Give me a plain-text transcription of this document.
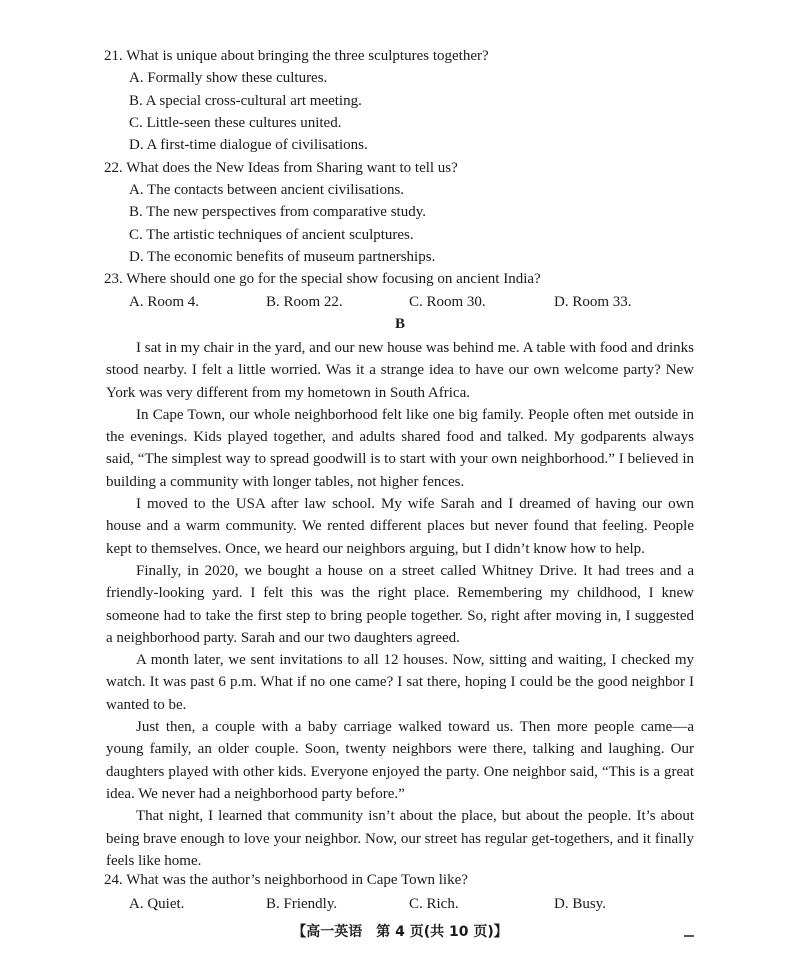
21. What is unique about bringing the three sculptures together?
A. Formally show these cultures.
B. A special cross-cultural art meeting.
C. Little-seen these cultures united.
D. A first-time dialogue of civilisations.
22. What does the New Ideas from Sharing want to tell us?
A. The contacts between ancient civilisations.
B. The new perspectives from comparative study.
C. The artistic techniques of ancient sculptures.
D. The economic benefits of museum partnerships.
23. Where should one go for the special show focusing on ancient India?
A. Room 4.	B. Room 22.	C. Room 30.	D. Room 33.
B

I sat in my chair in the yard, and our new house was behind me. A table with food and drinks stood nearby. I felt a little worried. Was it a strange idea to have our own welcome party? New York was very different from my hometown in South Africa.

In Cape Town, our whole neighborhood felt like one big family. People often met outside in the evenings. Kids played together, and adults shared food and talked. My godparents always said, “The simplest way to spread goodwill is to start with your own neighborhood.” I believed in building a community with longer tables, not higher fences.

I moved to the USA after law school. My wife Sarah and I dreamed of having our own house and a warm community. We rented different places but never found that feeling. People kept to themselves. Once, we heard our neighbors arguing, but I didn’t know how to help.

Finally, in 2020, we bought a house on a street called Whitney Drive. It had trees and a friendly-looking yard. I felt this was the right place. Remembering my childhood, I knew someone had to take the first step to bring people together. So, right after moving in, I suggested a neighborhood party. Sarah and our two daughters agreed.

A month later, we sent invitations to all 12 houses. Now, sitting and waiting, I checked my watch. It was past 6 p.m. What if no one came? I sat there, hoping I could be the good neighbor I wanted to be.

Just then, a couple with a baby carriage walked toward us. Then more people came—a young family, an older couple. Soon, twenty neighbors were there, talking and laughing. Our daughters played with other kids. Everyone enjoyed the party. One neighbor said, “This is a great idea. We never had a neighborhood party before.”

That night, I learned that community isn’t about the place, but about the people. It’s about being brave enough to love your neighbor. Now, our street has regular get-togethers, and it finally feels like home.

24. What was the author’s neighborhood in Cape Town like?
A. Quiet.	B. Friendly.	C. Rich.	D. Busy.
【高一英语　第 4 页(共 10 页)】
